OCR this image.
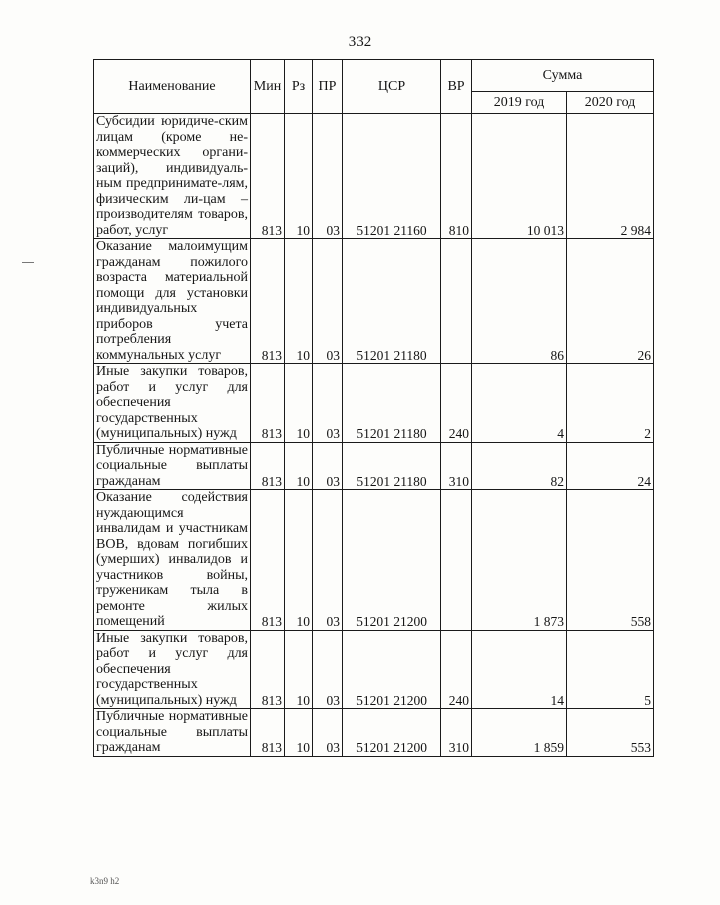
332
Наименование	Мин	Рз	ПР	ЦСР	ВР	Сумма	
						2019 год	2020 год
Субсидии юридиче-ским лицам (кроме не-коммерческих органи-заций), индивидуаль-ным предпринимате-лям, физическим ли-цам – производителям товаров, работ, услуг	813	10	03	51201 21160	810	10 013	2 984
Оказание малоимущим гражданам пожилого возраста материальной помощи для установки индивидуальных приборов учета потребления коммунальных услуг	813	10	03	51201 21180		86	26
Иные закупки товаров, работ и услуг для обеспечения государственных (муниципальных) нужд	813	10	03	51201 21180	240	4	2
Публичные нормативные социальные выплаты гражданам	813	10	03	51201 21180	310	82	24
Оказание содействия нуждающимся инвалидам и участникам ВОВ, вдовам погибших (умерших) инвалидов и участников войны, труженикам тыла в ремонте жилых помещений	813	10	03	51201 21200		1 873	558
Иные закупки товаров, работ и услуг для обеспечения государственных (муниципальных) нужд	813	10	03	51201 21200	240	14	5
Публичные нормативные социальные выплаты гражданам	813	10	03	51201 21200	310	1 859	553
k3n9 h2
